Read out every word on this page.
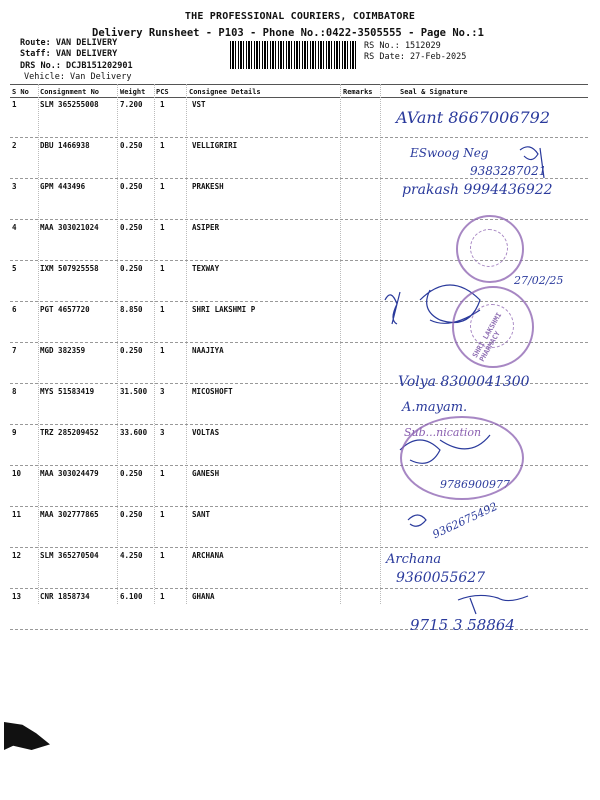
THE PROFESSIONAL COURIERS, COIMBATORE
Delivery Runsheet - P103 - Phone No.:0422-3505555 - Page No.:1
Route: VAN DELIVERY
Staff: VAN DELIVERY
DRS No.: DCJB151202901
Vehicle: Van Delivery
RS No.: 1512029
RS Date: 27-Feb-2025
S No Consignment No	Weight PCS	Consignee Details	Remarks	Seal & Signature
1	SLM 365255008	7.200 1	VST
2	DBU 1466938	0.250 1	VELLIGRIRI
3	GPM 443496	0.250 1	PRAKESH
4	MAA 303021024	0.250 1	ASIPER
5	IXM 507925558	0.250 1	TEXWAY
6	PGT 4657720	8.850 1	SHRI LAKSHMI P
7	MGD 382359	0.250 1	NAAJIYA
8	MYS 51583419	31.500 3	MICOSHOFT
9	TRZ 285209452	33.600 3	VOLTAS
10	MAA 303024479	0.250 1	GANESH
11	MAA 302777865	0.250 1	SANT
12	SLM 365270504	4.250 1	ARCHANA
13	CNR 1858734	6.100 1	GHANA
AVant 8667006792
ESwoog Neg
9383287021
prakash 9994436922
27/02/25
Volya 8300041300
A.mayam.
Sub...nication
9786900977
9362675492
Archana
9360055627
9715 3 58864
SHRI LAKSHMI PHARMACY
